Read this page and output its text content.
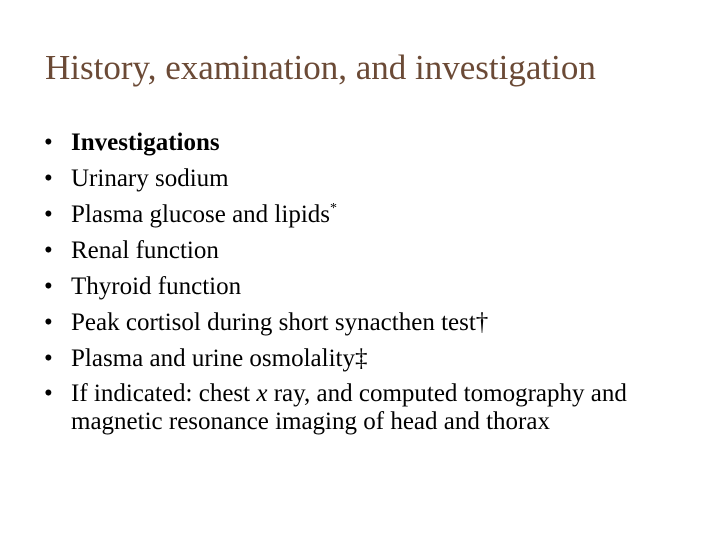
History, examination, and investigation
• Investigations
• Urinary sodium
• Plasma glucose and lipids*
• Renal function
• Thyroid function
• Peak cortisol during short synacthen test†
• Plasma and urine osmolality‡
• If indicated: chest x ray, and computed tomography and magnetic resonance imaging of head and thorax
